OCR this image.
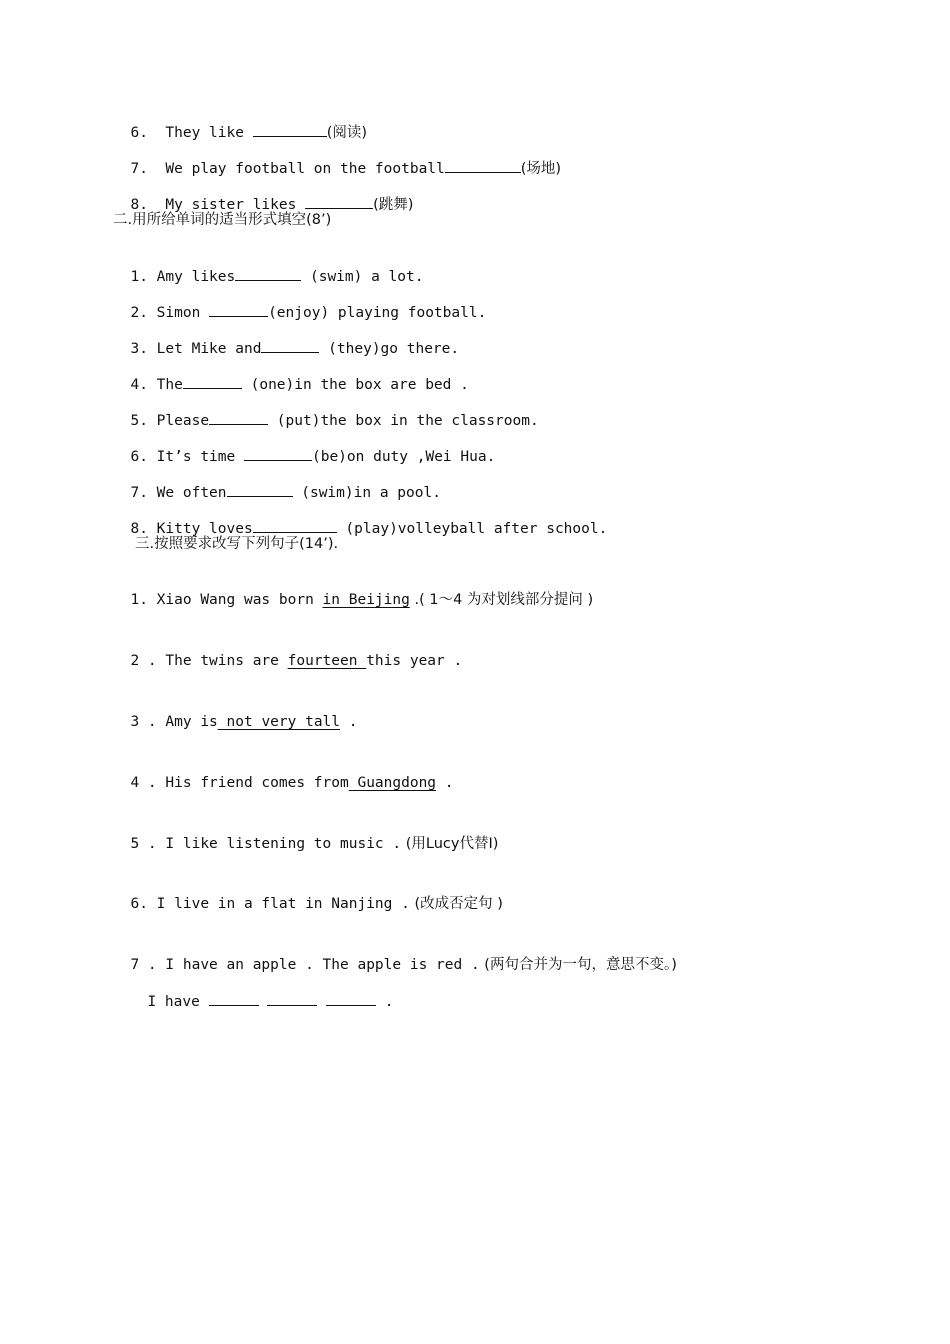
6. They like	(阅读)

7. We play football on the football	(场地)

8. My sister likes	(跳舞)

二.用所给单词的适当形式填空(8’)

1. Amy likes	(swim) a lot.

2. Simon	(enjoy) playing football.

3. Let Mike and	(they)go there.

4. The	(one)in the box are bed .

5. Please	(put)the box in the classroom.

6. It’s time	(be)on duty ,Wei Hua.

7. We often	(swim)in a pool.

8. Kitty loves	(play)volleyball after school.

三.按照要求改写下列句子(14’).

1. Xiao Wang was born in Beijing .( 1～4 为对划线部分提问 )

2 . The twins are fourteen this year .

3 . Amy is not very tall .

4 . His friend comes from Guangdong .

5 . I like listening to music . (用Lucy代替I)

6. I live in a flat in Nanjing . (改成否定句 )

7 . I have an apple . The apple is red . (两句合并为一句，意思不变。)

I have	.
